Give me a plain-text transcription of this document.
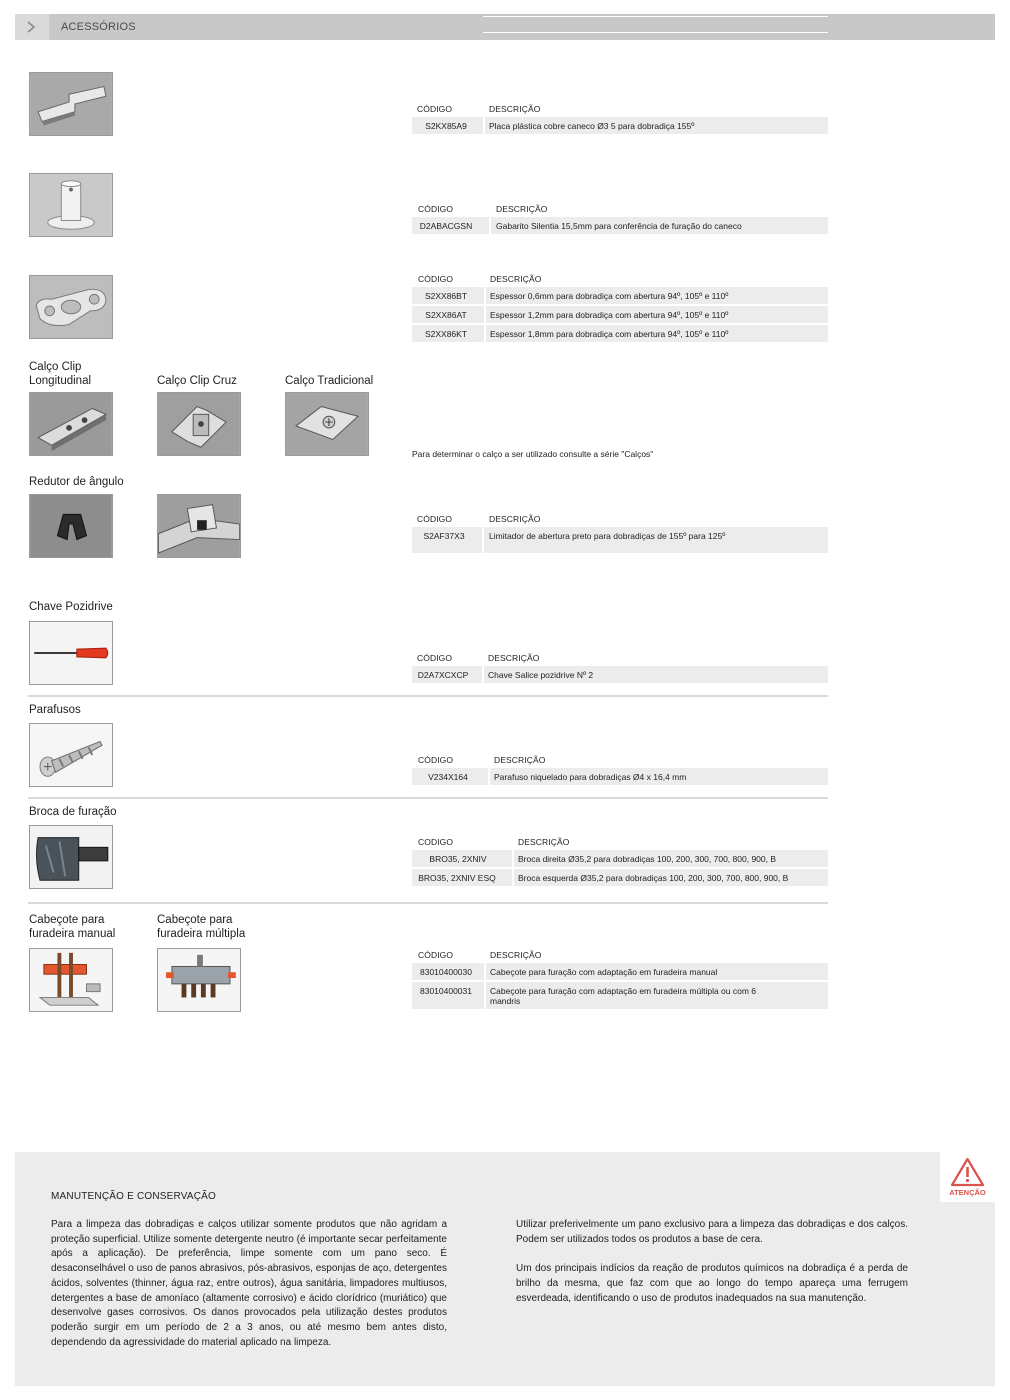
ACESSÓRIOS
CÓDIGO	DESCRIÇÃO
S2KX85A9	Placa plástica cobre caneco Ø3 5 para dobradiça 155º
CÓDIGO	DESCRIÇÃO
D2ABACGSN	Gabarito Silentia 15,5mm para conferência de furação do caneco
CÓDIGO	DESCRIÇÃO
S2XX86BT	Espessor 0,6mm para dobradiça com abertura 94º, 105º e 110º
S2XX86AT	Espessor 1,2mm para dobradiça com abertura 94º, 105º e 110º
S2XX86KT	Espessor 1,8mm para dobradiça com abertura 94º, 105º e 110º
Calço Clip Longitudinal	Calço Clip Cruz	Calço Tradicional
Para determinar o calço a ser utilizado consulte a série "Calços"
Redutor de ângulo
CÓDIGO	DESCRIÇÃO
S2AF37X3	Limitador de abertura preto para dobradiças de 155º para 125º
Chave Pozidrive
CÓDIGO	DESCRIÇÃO
D2A7XCXCP	Chave Salice pozidrive Nº 2
Parafusos
CÓDIGO	DESCRIÇÃO
V234X164	Parafuso niquelado para dobradiças Ø4 x 16,4 mm
Broca de furação
CODIGO	DESCRIÇÃO
BRO35, 2XNIV	Broca direita Ø35,2 para dobradiças 100, 200, 300, 700, 800, 900, B
BRO35, 2XNIV ESQ	Broca esquerda Ø35,2 para dobradiças 100, 200, 300, 700, 800, 900, B
Cabeçote para furadeira manual
Cabeçote para furadeira múltipla
CÓDIGO	DESCRIÇÃO
83010400030	Cabeçote para furação com adaptação em furadeira manual
83010400031	Cabeçote para furação com adaptação em furadeira múltipla ou com 6 mandris
MANUTENÇÃO E CONSERVAÇÃO

Para a limpeza das dobradiças e calços utilizar somente produtos que não agridam a proteção superficial. Utilize somente detergente neutro (é importante secar perfeitamente após a aplicação). De preferência, limpe somente com um pano seco. É desaconselhável o uso de panos abrasivos, pós-abrasivos, esponjas de aço, detergentes ácidos, solventes (thinner, água raz, entre outros), água sanitária, limpadores multiusos, detergentes a base de amoníaco (altamente corrosivo) e ácido clorídrico (muriático) que desenvolve gases corrosivos. Os danos provocados pela utilização destes produtos poderão surgir em um período de 2 a 3 anos, ou até mesmo bem antes disto, dependendo da agressividade do material aplicado na limpeza.

Utilizar preferivelmente um pano exclusivo para a limpeza das dobradiças e dos calços. Podem ser utilizados todos os produtos a base de cera.

Um dos principais indícios da reação de produtos químicos na dobradiça é a perda de brilho da mesma, que faz com que ao longo do tempo apareça uma ferrugem esverdeada, identificando o uso de produtos inadequados na sua manutenção.

ATENÇÃO
